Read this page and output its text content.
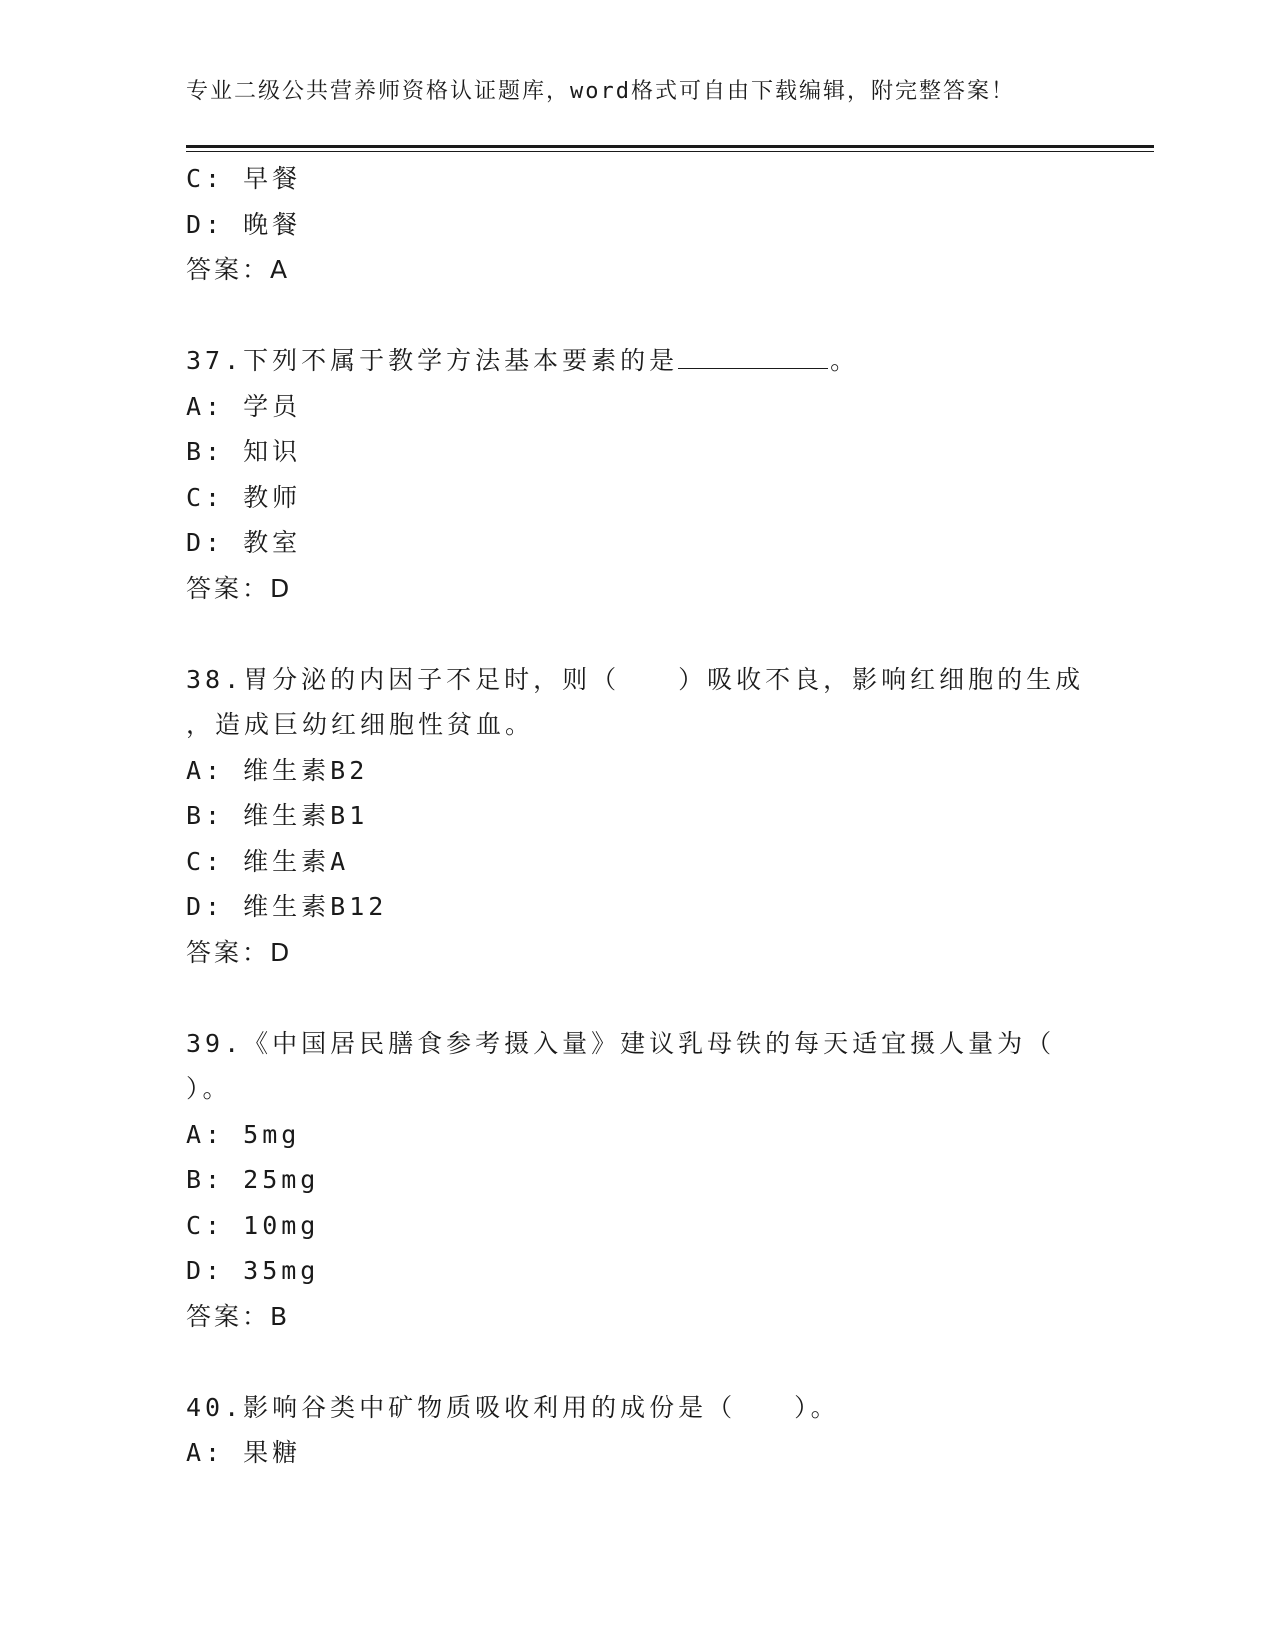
专业二级公共营养师资格认证题库，word格式可自由下载编辑，附完整答案！
C: 早餐
D: 晚餐
答案：A
37.下列不属于教学方法基本要素的是	。
A: 学员
B: 知识
C: 教师
D: 教室
答案：D
38.胃分泌的内因子不足时，则（　　）吸收不良，影响红细胞的生成
，造成巨幼红细胞性贫血。
A: 维生素B2
B: 维生素B1
C: 维生素A
D: 维生素B12
答案：D
39.《中国居民膳食参考摄入量》建议乳母铁的每天适宜摄人量为（
）。
A: 5mg
B: 25mg
C: 10mg
D: 35mg
答案：B
40.影响谷类中矿物质吸收利用的成份是（　　）。
A: 果糖
